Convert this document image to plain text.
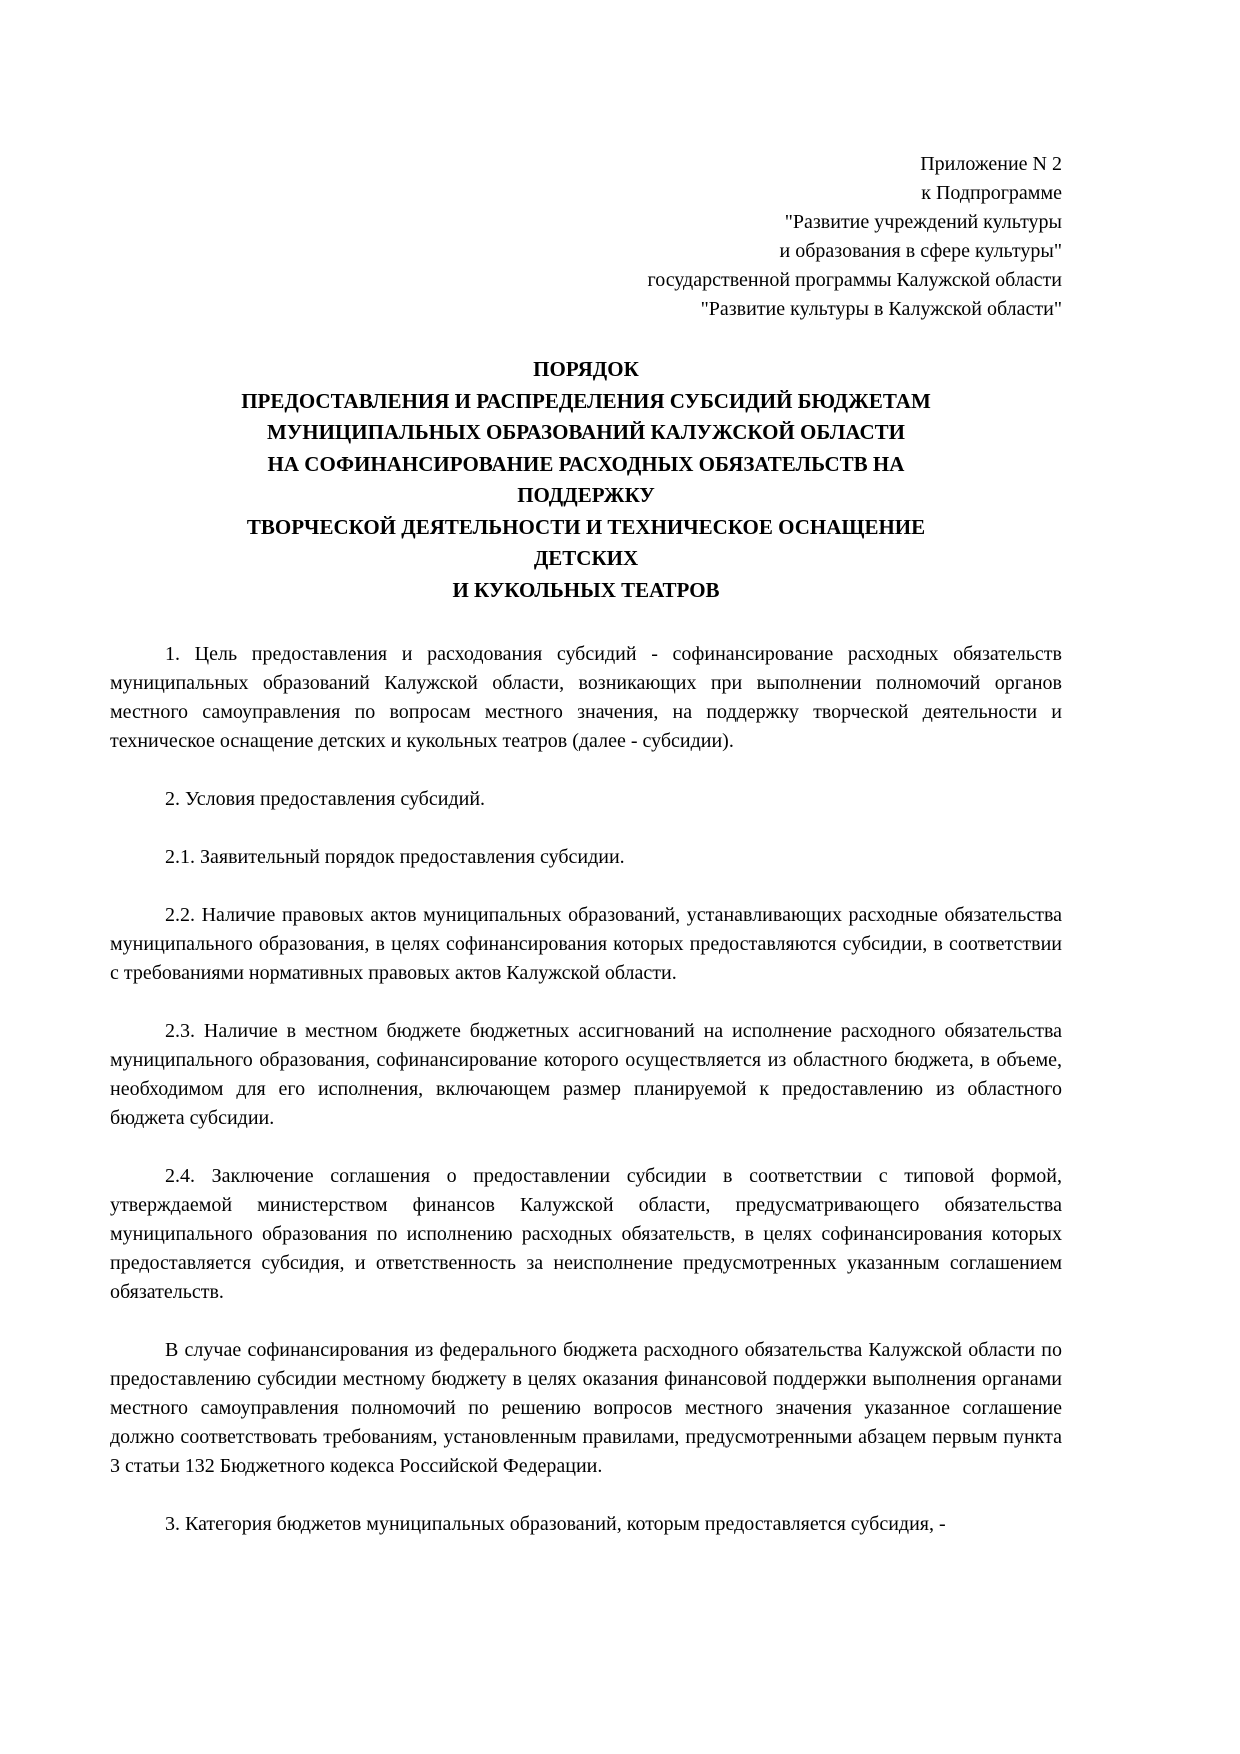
Приложение N 2
к Подпрограмме
"Развитие учреждений культуры
и образования в сфере культуры"
государственной программы Калужской области
"Развитие культуры в Калужской области"
ПОРЯДОК
ПРЕДОСТАВЛЕНИЯ И РАСПРЕДЕЛЕНИЯ СУБСИДИЙ БЮДЖЕТАМ
МУНИЦИПАЛЬНЫХ ОБРАЗОВАНИЙ КАЛУЖСКОЙ ОБЛАСТИ
НА СОФИНАНСИРОВАНИЕ РАСХОДНЫХ ОБЯЗАТЕЛЬСТВ НА
ПОДДЕРЖКУ
ТВОРЧЕСКОЙ ДЕЯТЕЛЬНОСТИ И ТЕХНИЧЕСКОЕ ОСНАЩЕНИЕ
ДЕТСКИХ
И КУКОЛЬНЫХ ТЕАТРОВ

1. Цель предоставления и расходования субсидий - софинансирование расходных обязательств муниципальных образований Калужской области, возникающих при выполнении полномочий органов местного самоуправления по вопросам местного значения, на поддержку творческой деятельности и техническое оснащение детских и кукольных театров (далее - субсидии).

2. Условия предоставления субсидий.

2.1. Заявительный порядок предоставления субсидии.

2.2. Наличие правовых актов муниципальных образований, устанавливающих расходные обязательства муниципального образования, в целях софинансирования которых предоставляются субсидии, в соответствии с требованиями нормативных правовых актов Калужской области.

2.3. Наличие в местном бюджете бюджетных ассигнований на исполнение расходного обязательства муниципального образования, софинансирование которого осуществляется из областного бюджета, в объеме, необходимом для его исполнения, включающем размер планируемой к предоставлению из областного бюджета субсидии.

2.4. Заключение соглашения о предоставлении субсидии в соответствии с типовой формой, утверждаемой министерством финансов Калужской области, предусматривающего обязательства муниципального образования по исполнению расходных обязательств, в целях софинансирования которых предоставляется субсидия, и ответственность за неисполнение предусмотренных указанным соглашением обязательств.

В случае софинансирования из федерального бюджета расходного обязательства Калужской области по предоставлению субсидии местному бюджету в целях оказания финансовой поддержки выполнения органами местного самоуправления полномочий по решению вопросов местного значения указанное соглашение должно соответствовать требованиям, установленным правилами, предусмотренными абзацем первым пункта 3 статьи 132 Бюджетного кодекса Российской Федерации.

3. Категория бюджетов муниципальных образований, которым предоставляется субсидия, -
